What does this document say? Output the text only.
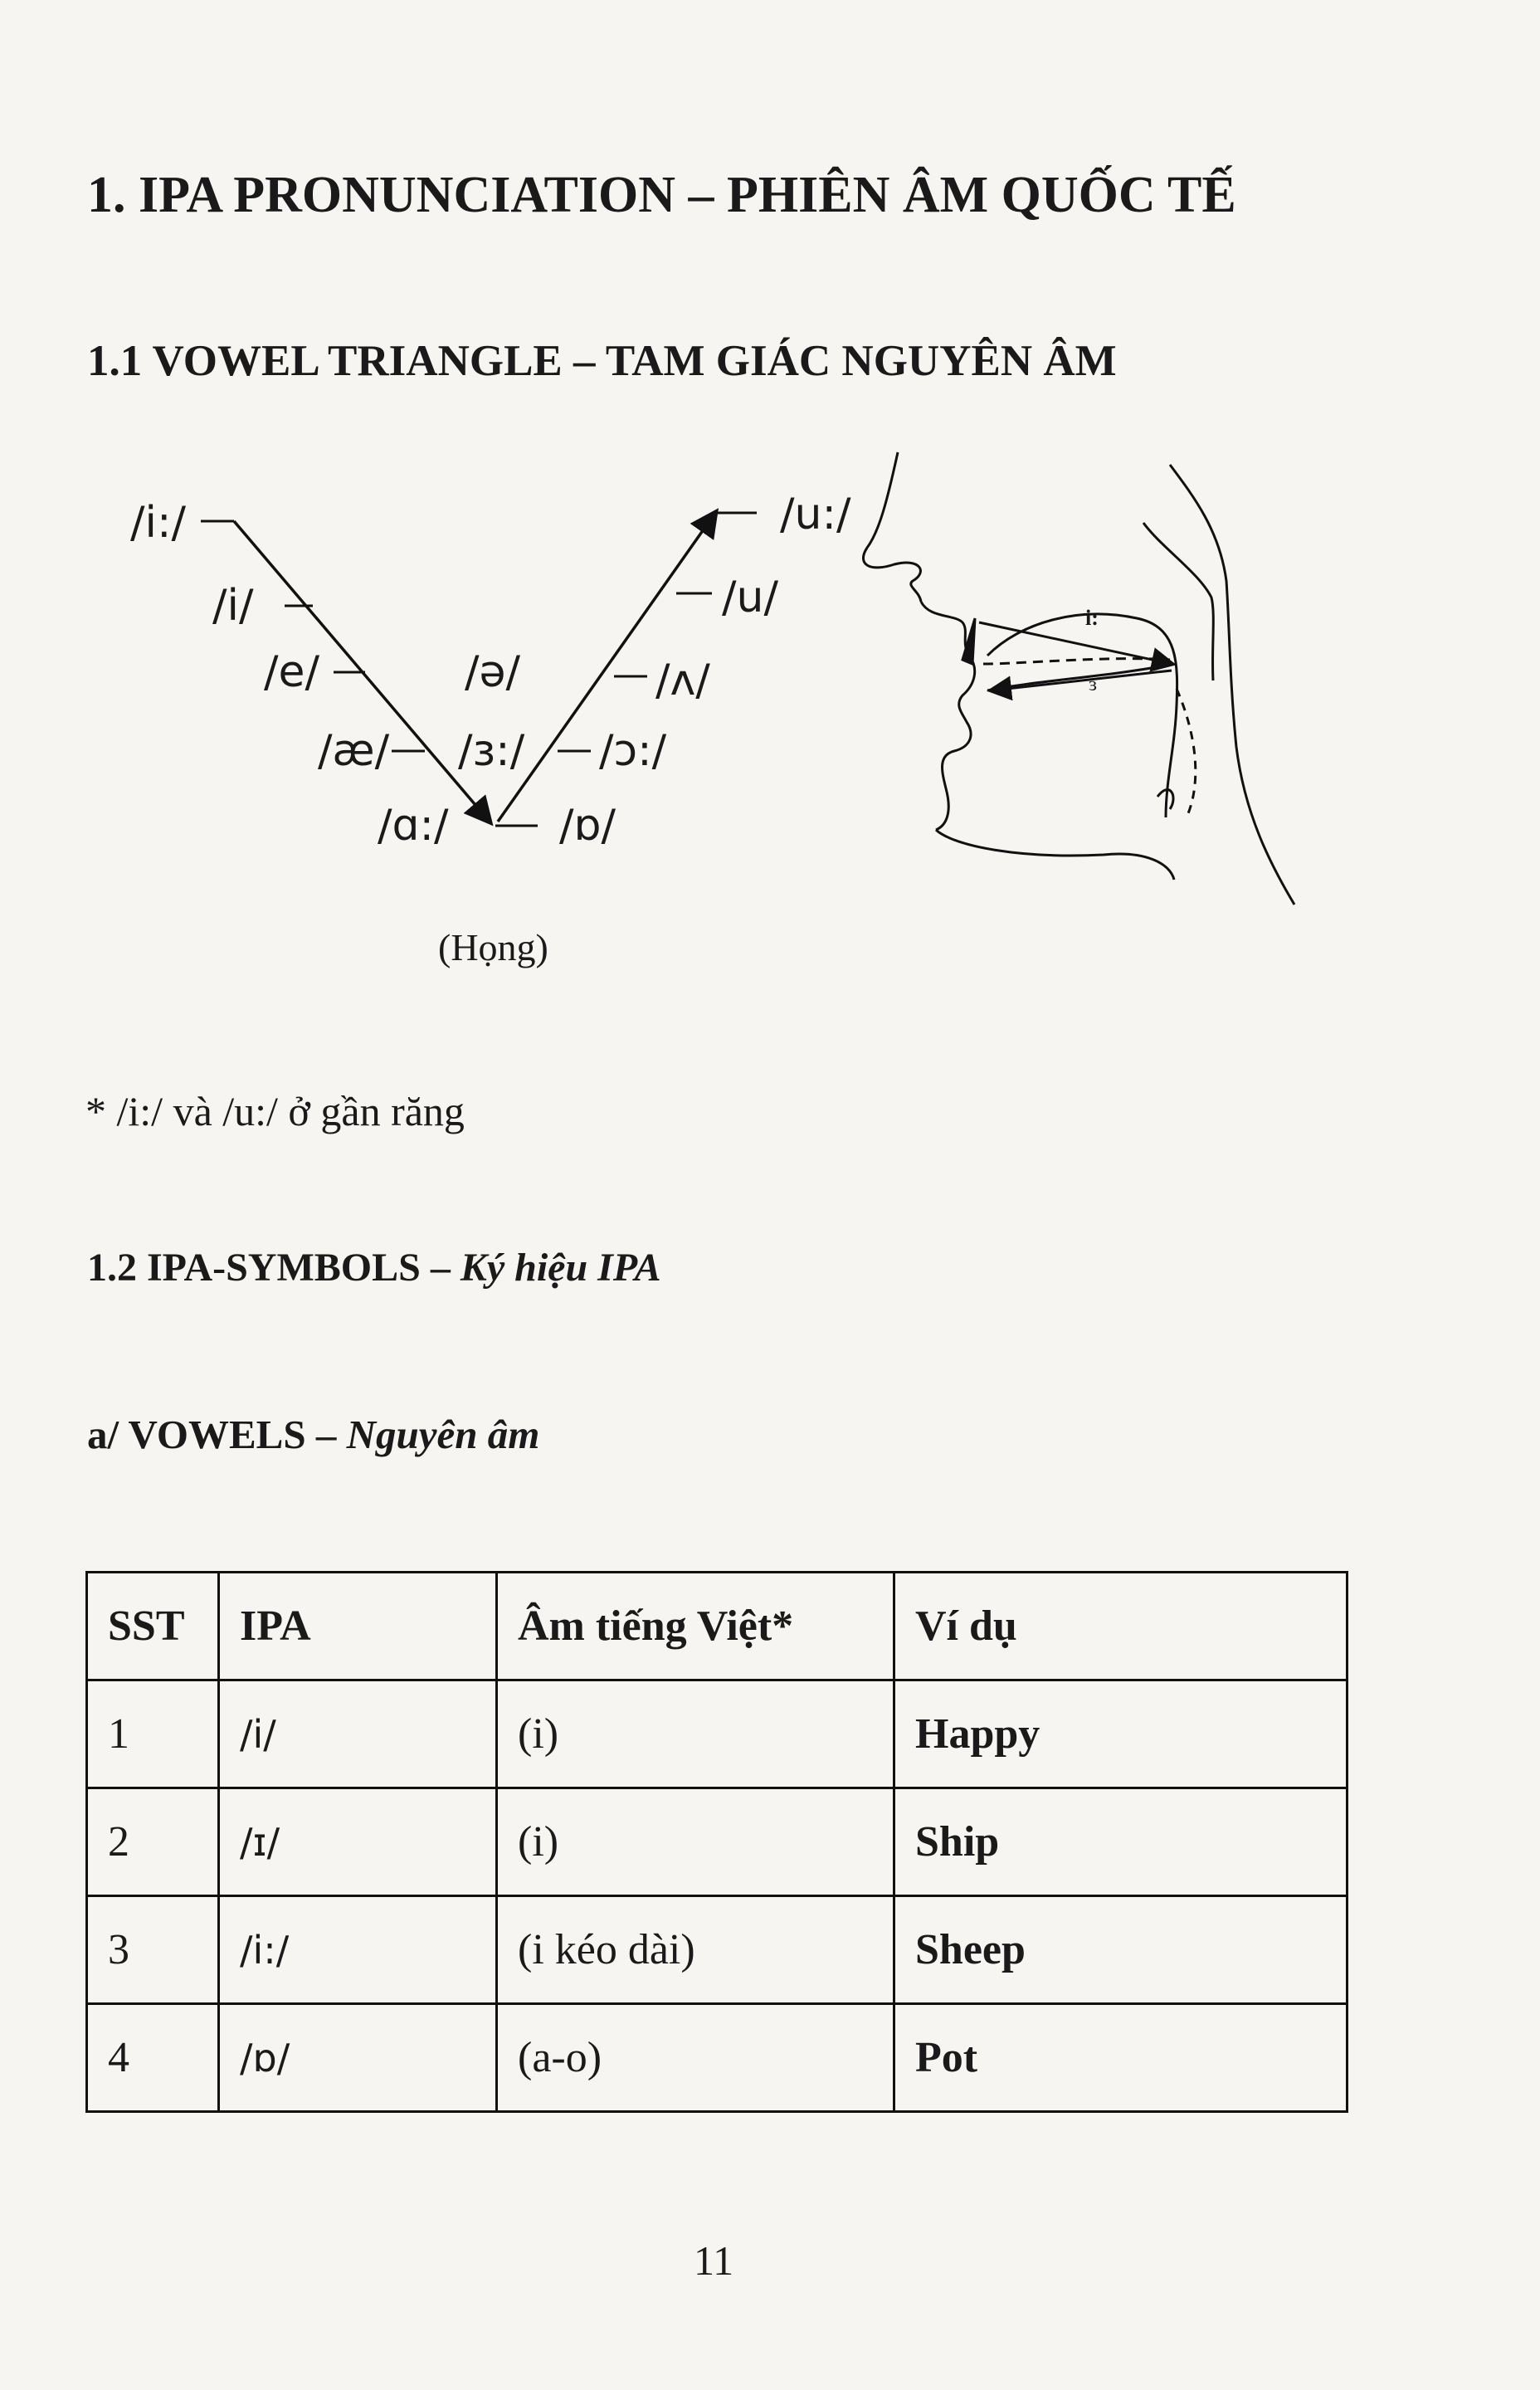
1. IPA PRONUNCIATION – PHIÊN ÂM QUỐC TẾ
1.1 VOWEL TRIANGLE – TAM GIÁC NGUYÊN ÂM
/i:/
/i/
/e/
/æ/
/ɑ:/
/u:/
/u/
/ʌ/
/ɔ:/
/ɒ/
/ə/
/ɜ:/
(Họng)
i:
ɜ
* /i:/ và /u:/ ở gần răng
1.2 IPA-SYMBOLS – Ký hiệu IPA
a/ VOWELS – Nguyên âm
SST	IPA	Âm tiếng Việt*	Ví dụ
1	/i/	(i)	Happy
2	/ɪ/	(i)	Ship
3	/i:/	(i kéo dài)	Sheep
4	/ɒ/	(a-o)	Pot
11
